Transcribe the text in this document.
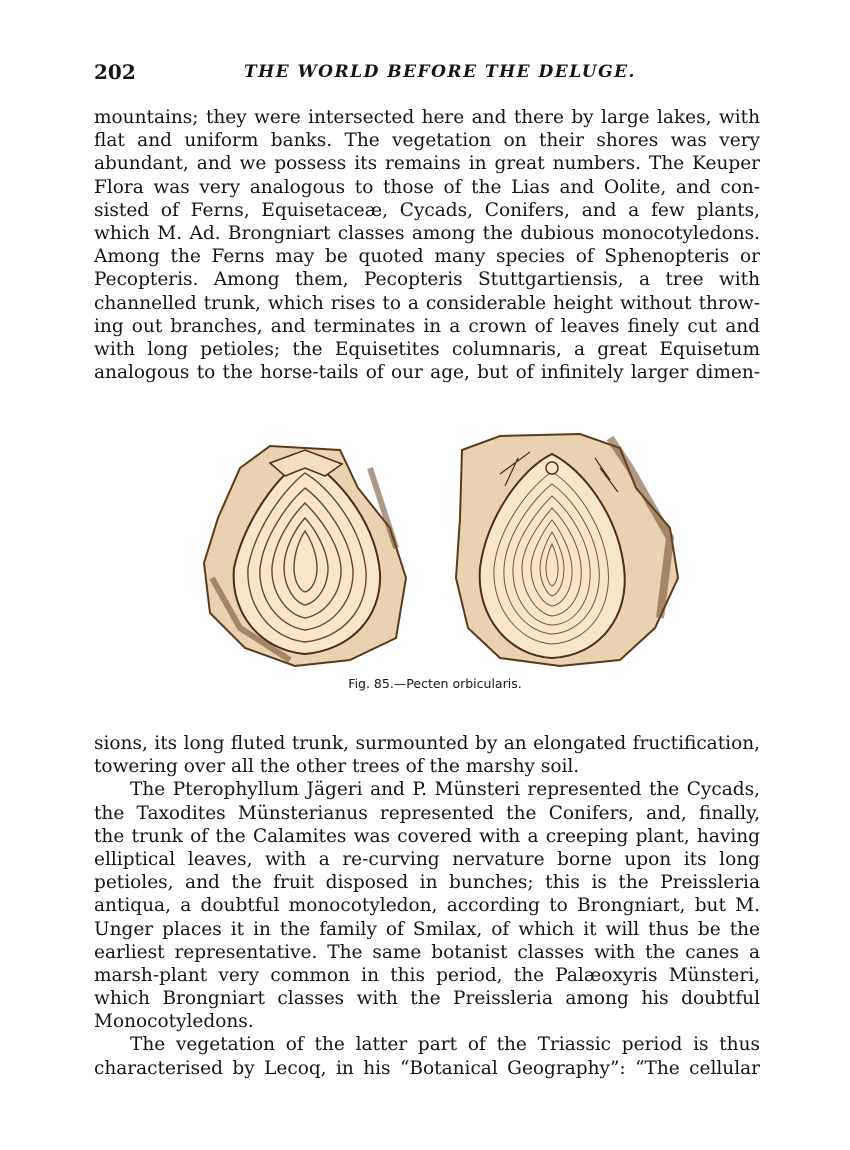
202	THE WORLD BEFORE THE DELUGE.
mountains; they were intersected here and there by large lakes, with
flat and uniform banks. The vegetation on their shores was very
abundant, and we possess its remains in great numbers. The Keuper
Flora was very analogous to those of the Lias and Oolite, and con-
sisted of Ferns, Equisetaceæ, Cycads, Conifers, and a few plants,
which M. Ad. Brongniart classes among the dubious monocotyledons.
Among the Ferns may be quoted many species of Sphenopteris or
Pecopteris. Among them, Pecopteris Stuttgartiensis, a tree with
channelled trunk, which rises to a considerable height without throw-
ing out branches, and terminates in a crown of leaves finely cut and
with long petioles; the Equisetites columnaris, a great Equisetum
analogous to the horse-tails of our age, but of infinitely larger dimen-
Fig. 85.—Pecten orbicularis.
sions, its long fluted trunk, surmounted by an elongated fructification,
towering over all the other trees of the marshy soil.
The Pterophyllum Jägeri and P. Münsteri represented the Cycads,
the Taxodites Münsterianus represented the Conifers, and, finally,
the trunk of the Calamites was covered with a creeping plant, having
elliptical leaves, with a re-curving nervature borne upon its long
petioles, and the fruit disposed in bunches; this is the Preissleria
antiqua, a doubtful monocotyledon, according to Brongniart, but M.
Unger places it in the family of Smilax, of which it will thus be the
earliest representative. The same botanist classes with the canes a
marsh-plant very common in this period, the Palæoxyris Münsteri,
which Brongniart classes with the Preissleria among his doubtful
Monocotyledons.
The vegetation of the latter part of the Triassic period is thus
characterised by Lecoq, in his “Botanical Geography”: “The cellular
